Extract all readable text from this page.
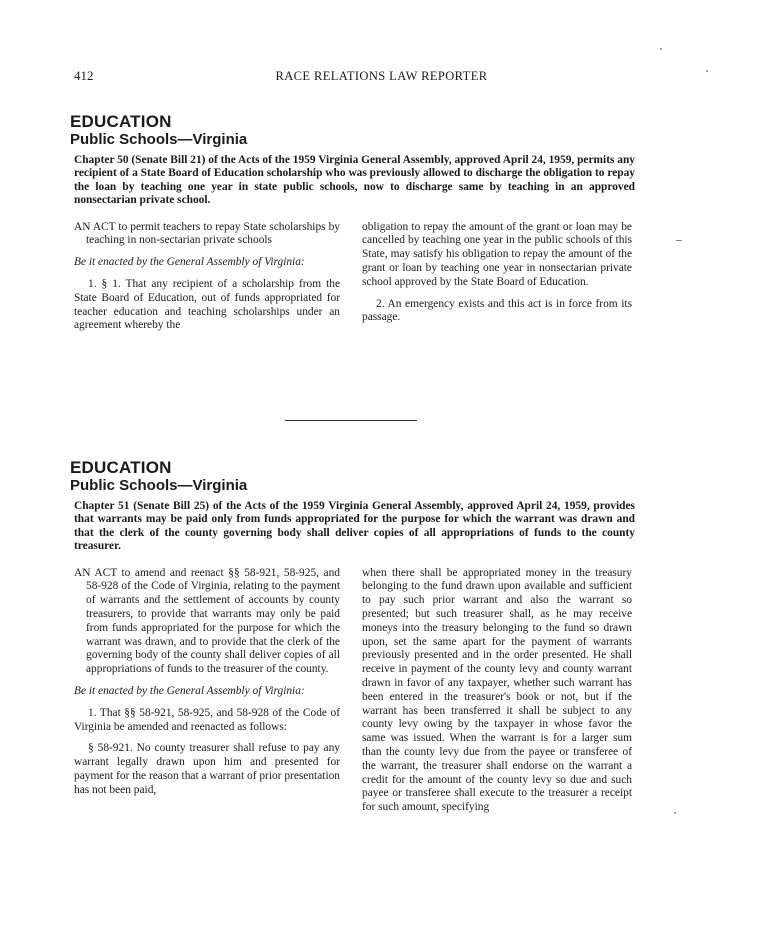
412	RACE RELATIONS LAW REPORTER
EDUCATION
Public Schools—Virginia

Chapter 50 (Senate Bill 21) of the Acts of the 1959 Virginia General Assembly, approved April 24, 1959, permits any recipient of a State Board of Education scholarship who was previously allowed to discharge the obligation to repay the loan by teaching one year in state public schools, now to discharge same by teaching in an approved nonsectarian private school.

AN ACT to permit teachers to repay State scholarships by teaching in non-sectarian private schools

Be it enacted by the General Assembly of Virginia:

1. § 1. That any recipient of a scholarship from the State Board of Education, out of funds appropriated for teacher education and teaching scholarships under an agreement whereby the

obligation to repay the amount of the grant or loan may be cancelled by teaching one year in the public schools of this State, may satisfy his obligation to repay the amount of the grant or loan by teaching one year in nonsectarian private school approved by the State Board of Education.

2. An emergency exists and this act is in force from its passage.

EDUCATION
Public Schools—Virginia

Chapter 51 (Senate Bill 25) of the Acts of the 1959 Virginia General Assembly, approved April 24, 1959, provides that warrants may be paid only from funds appropriated for the purpose for which the warrant was drawn and that the clerk of the county governing body shall deliver copies of all appropriations of funds to the county treasurer.

AN ACT to amend and reenact §§ 58-921, 58-925, and 58-928 of the Code of Virginia, relating to the payment of warrants and the settlement of accounts by county treasurers, to provide that warrants may only be paid from funds appropriated for the purpose for which the warrant was drawn, and to provide that the clerk of the governing body of the county shall deliver copies of all appropriations of funds to the treasurer of the county.

Be it enacted by the General Assembly of Virginia:

1. That §§ 58-921, 58-925, and 58-928 of the Code of Virginia be amended and reenacted as follows:

§ 58-921. No county treasurer shall refuse to pay any warrant legally drawn upon him and presented for payment for the reason that a warrant of prior presentation has not been paid,

when there shall be appropriated money in the treasury belonging to the fund drawn upon available and sufficient to pay such prior warrant and also the warrant so presented; but such treasurer shall, as he may receive moneys into the treasury belonging to the fund so drawn upon, set the same apart for the payment of warrants previously presented and in the order presented. He shall receive in payment of the county levy and county warrant drawn in favor of any taxpayer, whether such warrant has been entered in the treasurer's book or not, but if the warrant has been transferred it shall be subject to any county levy owing by the taxpayer in whose favor the same was issued. When the warrant is for a larger sum than the county levy due from the payee or transferee of the warrant, the treasurer shall endorse on the warrant a credit for the amount of the county levy so due and such payee or transferee shall execute to the treasurer a receipt for such amount, specifying
